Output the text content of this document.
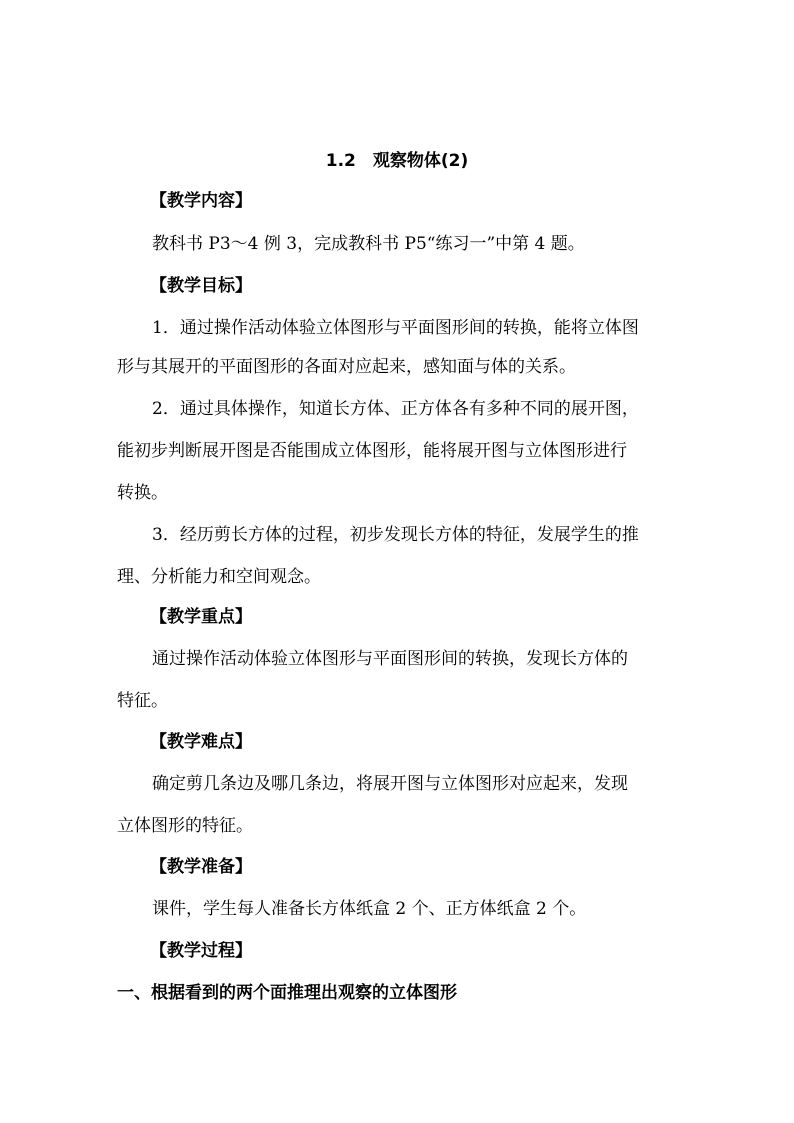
1.2　观察物体(2)
【教学内容】
教科书 P3～4 例 3，完成教科书 P5“练习一”中第 4 题。
【教学目标】
1．通过操作活动体验立体图形与平面图形间的转换，能将立体图
形与其展开的平面图形的各面对应起来，感知面与体的关系。
2．通过具体操作，知道长方体、正方体各有多种不同的展开图，
能初步判断展开图是否能围成立体图形，能将展开图与立体图形进行
转换。
3．经历剪长方体的过程，初步发现长方体的特征，发展学生的推
理、分析能力和空间观念。
【教学重点】
通过操作活动体验立体图形与平面图形间的转换，发现长方体的
特征。
【教学难点】
确定剪几条边及哪几条边，将展开图与立体图形对应起来，发现
立体图形的特征。
【教学准备】
课件，学生每人准备长方体纸盒 2 个、正方体纸盒 2 个。
【教学过程】
一、根据看到的两个面推理出观察的立体图形
